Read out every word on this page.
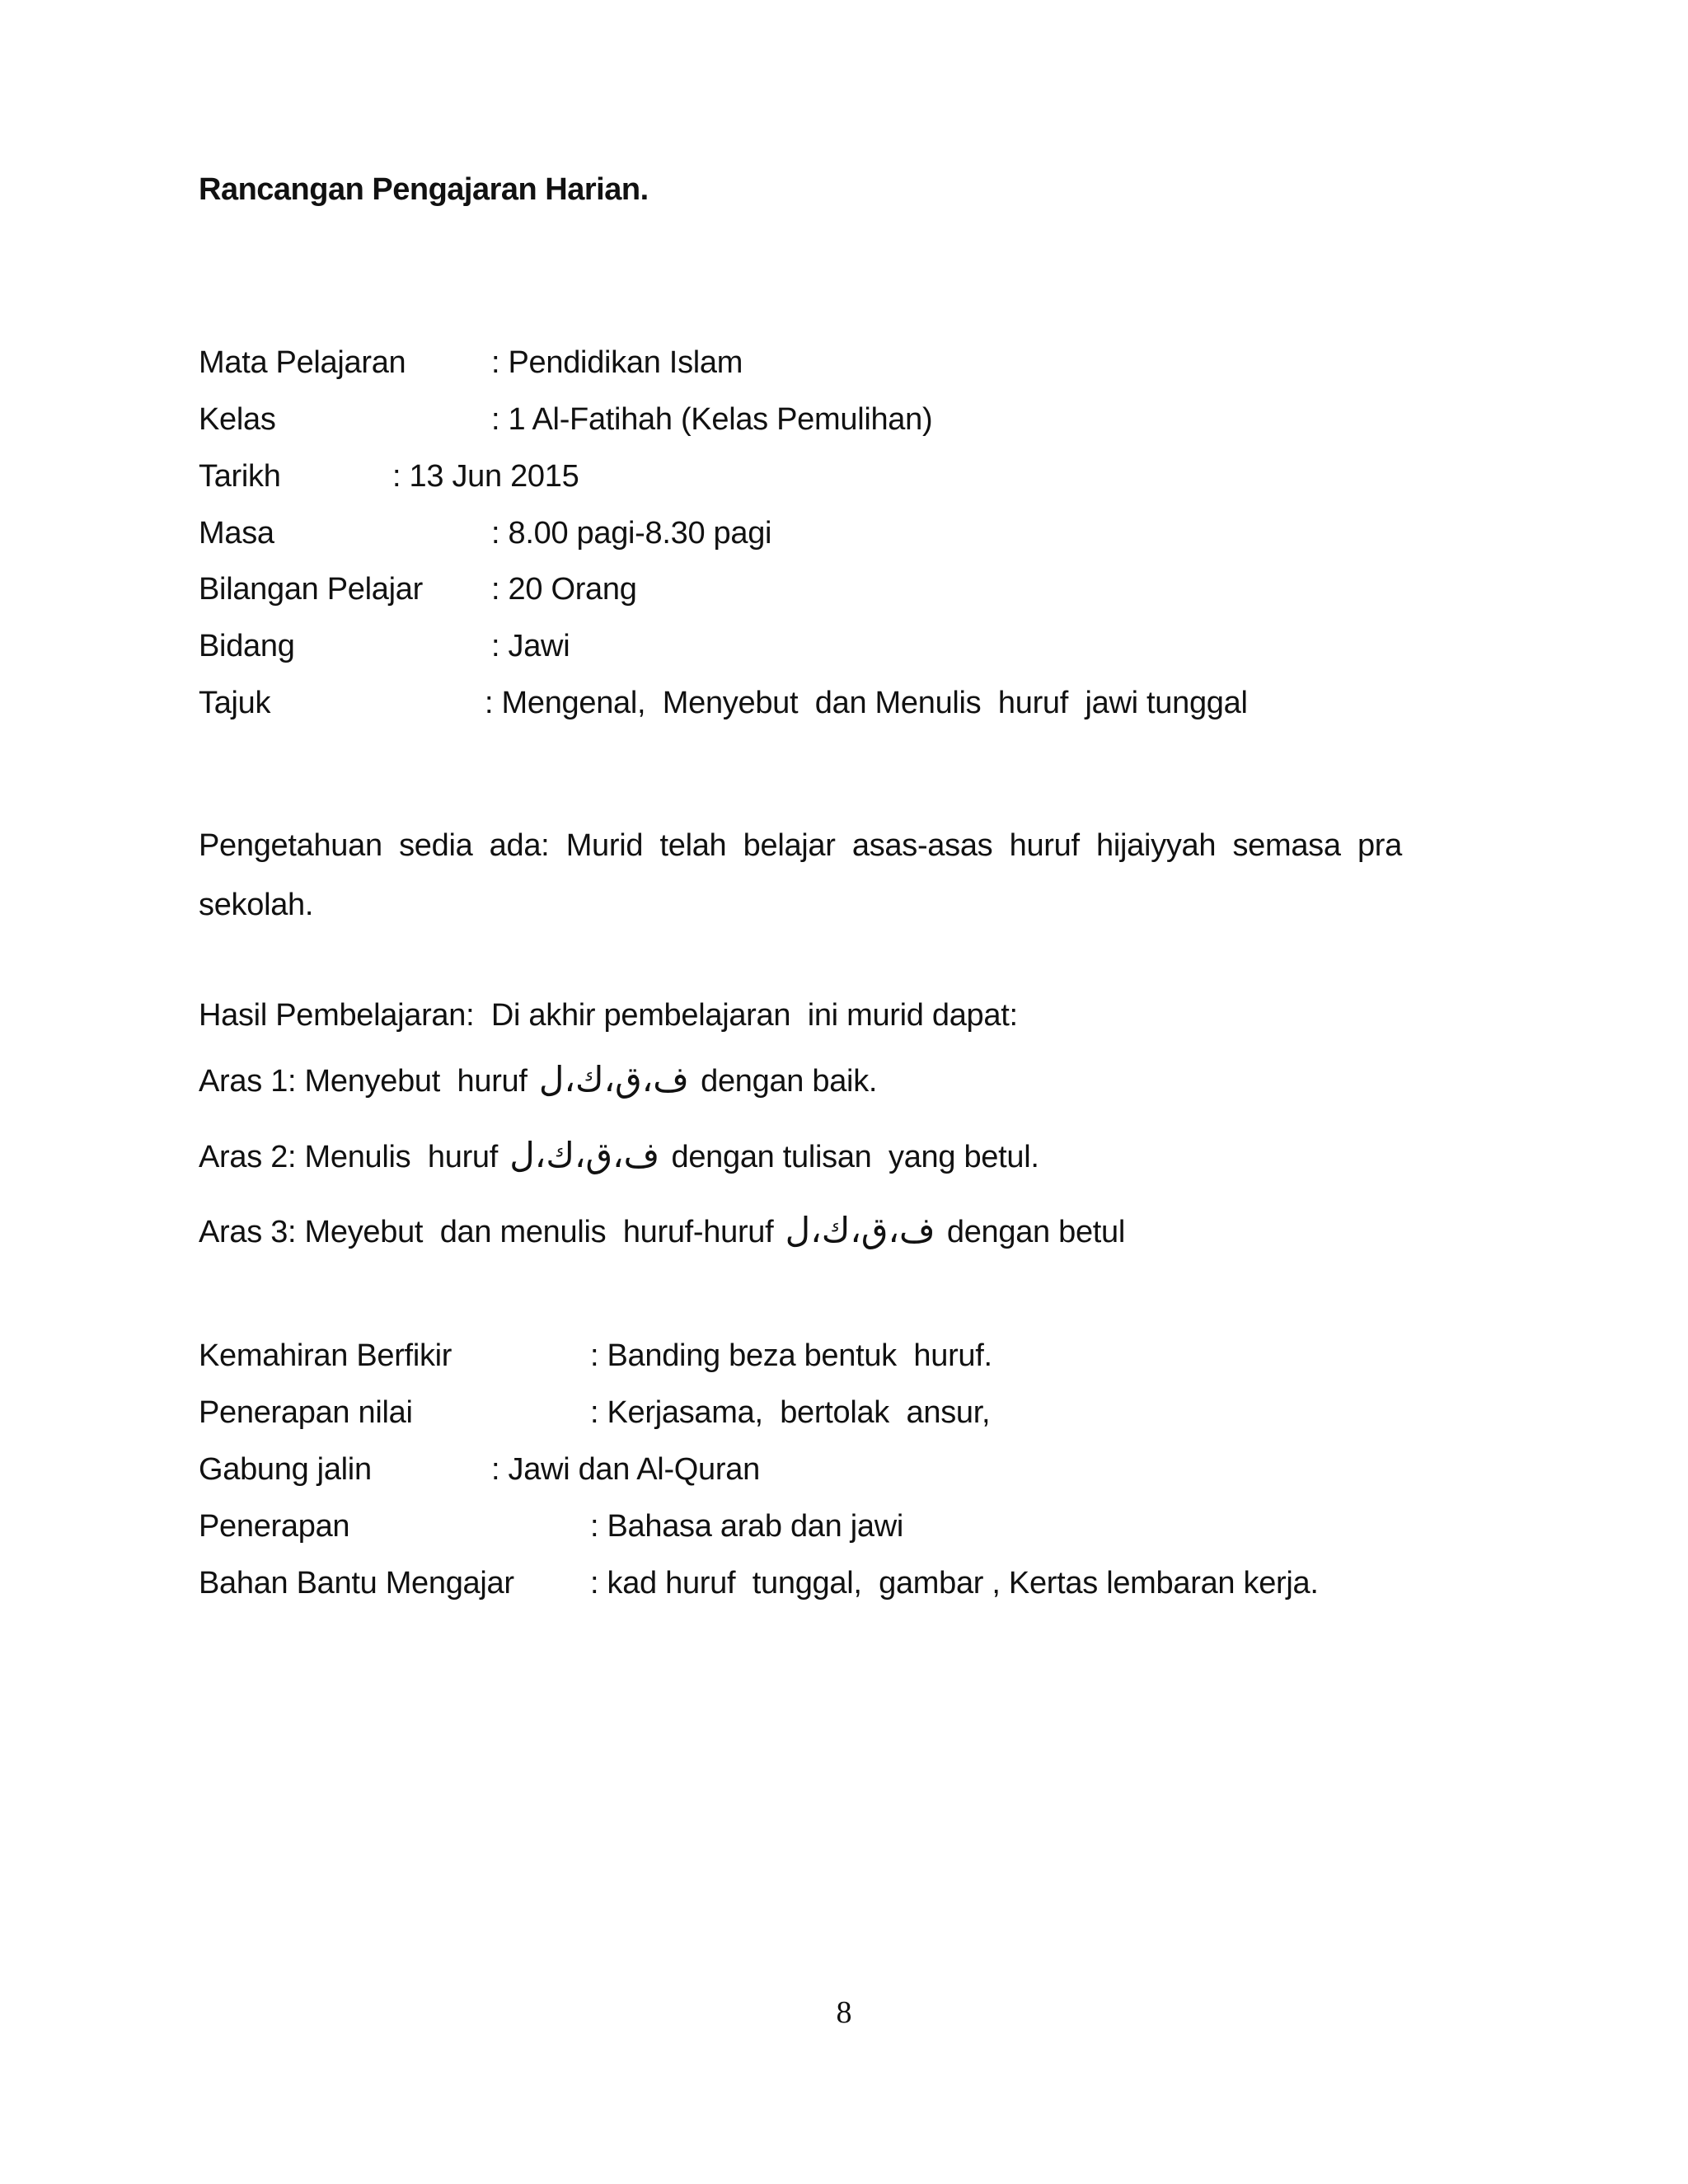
Rancangan Pengajaran Harian.
Mata Pelajaran	: Pendidikan Islam
Kelas	: 1 Al-Fatihah (Kelas Pemulihan)
Tarikh	: 13 Jun 2015
Masa	: 8.00 pagi-8.30 pagi
Bilangan Pelajar : 20 Orang
Bidang	: Jawi
Tajuk	: Mengenal,  Menyebut  dan Menulis  huruf  jawi tunggal
Pengetahuan sedia ada: Murid telah belajar asas-asas huruf hijaiyyah semasa pra sekolah.
Hasil Pembelajaran:  Di akhir pembelajaran  ini murid dapat:
Aras 1: Menyebut  huruf ف،ق،ك،ل dengan baik.
Aras 2: Menulis  huruf ف،ق،ك،ل dengan tulisan  yang betul.
Aras 3: Meyebut  dan menulis  huruf-huruf ف،ق،ك،ل dengan betul
Kemahiran Berfikir	: Banding beza bentuk  huruf.
Penerapan nilai	: Kerjasama,  bertolak  ansur,
Gabung jalin	: Jawi dan Al-Quran
Penerapan	: Bahasa arab dan jawi
Bahan Bantu Mengajar : kad huruf  tunggal,  gambar , Kertas lembaran kerja.
8
